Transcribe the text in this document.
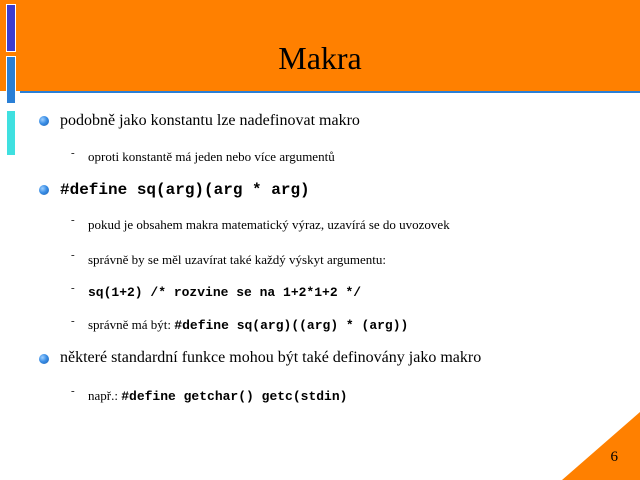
Makra
podobně jako konstantu lze nadefinovat makro
- oproti konstantě má jeden nebo více argumentů
#define sq(arg)(arg * arg)
- pokud je obsahem makra matematický výraz, uzavírá se do uvozovek
- správně by se měl uzavírat také každý výskyt argumentu:
- sq(1+2) /* rozvine se na 1+2*1+2 */
- správně má být: #define sq(arg)((arg) * (arg))
některé standardní funkce mohou být také definovány jako makro
- např.: #define getchar() getc(stdin)
6
